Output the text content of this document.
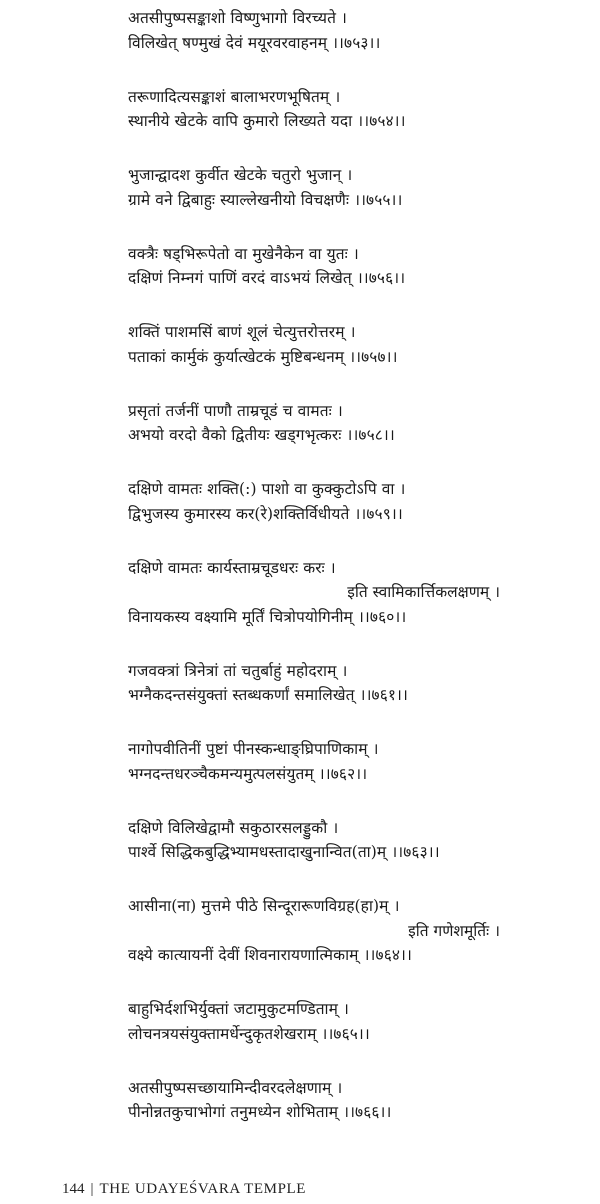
अतसीपुष्पसङ्काशो विष्णुभागो विरच्यते ।
विलिखेत् षण्मुखं देवं मयूरवरवाहनम् ।।७५३।।
तरूणादित्यसङ्काशं बालाभरणभूषितम् ।
स्थानीये खेटके वापि कुमारो लिख्यते यदा ।।७५४।।
भुजान्द्वादश कुर्वीत खेटके चतुरो भुजान् ।
ग्रामे वने द्विबाहुः स्याल्लेखनीयो विचक्षणैः ।।७५५।।
वक्त्रैः षड्भिरूपेतो वा मुखेनैकेन वा युतः ।
दक्षिणं निम्नगं पाणिं वरदं वाऽभयं लिखेत् ।।७५६।।
शक्तिं पाशमसिं बाणं शूलं चेत्युत्तरोत्तरम् ।
पताकां कार्मुकं कुर्यात्खेटकं मुष्टिबन्धनम् ।।७५७।।
प्रसृतां तर्जनीं पाणौ ताम्रचूडं च वामतः ।
अभयो वरदो वैको द्वितीयः खड्गभृत्करः ।।७५८।।
दक्षिणे वामतः शक्ति(:) पाशो वा कुक्कुटोऽपि वा ।
द्विभुजस्य कुमारस्य कर(रे)शक्तिर्विधीयते ।।७५९।।
दक्षिणे वामतः कार्यस्ताम्रचूडधरः करः ।
इति स्वामिकार्त्तिकलक्षणम् ।
विनायकस्य वक्ष्यामि मूर्तिं चित्रोपयोगिनीम् ।।७६०।।
गजवक्त्रां त्रिनेत्रां तां चतुर्बाहुं महोदराम् ।
भग्नैकदन्तसंयुक्तां स्तब्धकर्णां समालिखेत् ।।७६१।।
नागोपवीतिनीं पुष्टां पीनस्कन्धाङ्घ्रिपाणिकाम् ।
भग्नदन्तधरञ्चैकमन्यमुत्पलसंयुतम् ।।७६२।।
दक्षिणे विलिखेद्वामौ सकुठारसलड्डुकौ ।
पार्श्वे सिद्धिकबुद्धिभ्यामधस्तादाखुनान्वित(ता)म् ।।७६३।।
आसीना(ना) मुत्तमे पीठे सिन्दूरारूणविग्रह(हा)म् ।
इति गणेशमूर्तिः ।
वक्ष्ये कात्यायनीं देवीं शिवनारायणात्मिकाम् ।।७६४।।
बाहुभिर्दशभिर्युक्तां जटामुकुटमण्डिताम् ।
लोचनत्रयसंयुक्तामर्धेन्दुकृतशेखराम् ।।७६५।।
अतसीपुष्पसच्छायामिन्दीवरदलेक्षणाम् ।
पीनोन्नतकुचाभोगां तनुमध्येन शोभिताम् ।।७६६।।
144 | THE UDAYEŚVARA TEMPLE
